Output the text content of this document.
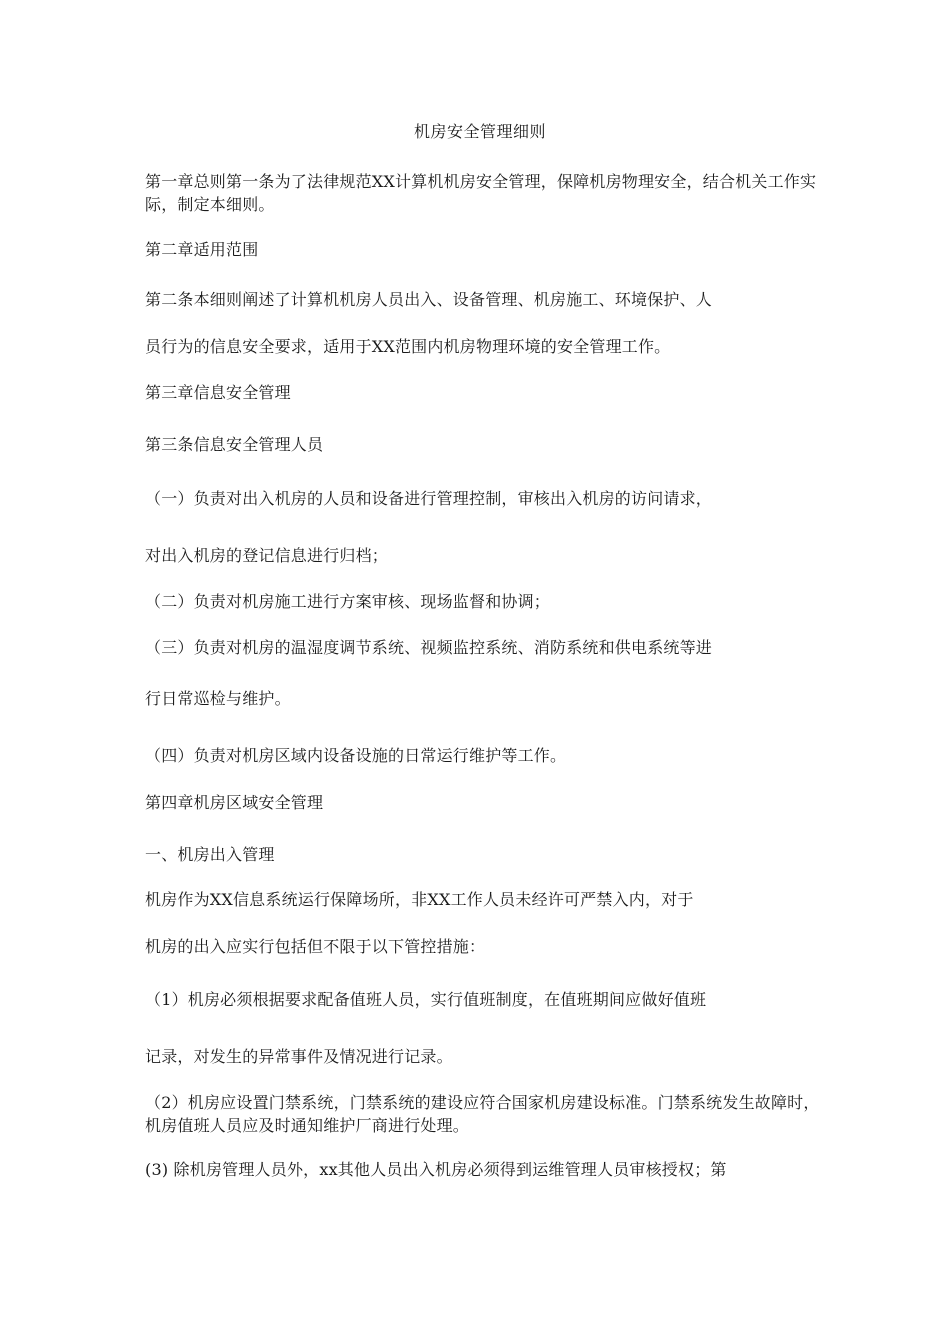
机房安全管理细则
第一章总则第一条为了法律规范XX计算机机房安全管理，保障机房物理安全，结合机关工作实际，制定本细则。
第二章适用范围
第二条本细则阐述了计算机机房人员出入、设备管理、机房施工、环境保护、人
员行为的信息安全要求，适用于XX范围内机房物理环境的安全管理工作。
第三章信息安全管理
第三条信息安全管理人员
（一）负责对出入机房的人员和设备进行管理控制，审核出入机房的访问请求，
对出入机房的登记信息进行归档；
（二）负责对机房施工进行方案审核、现场监督和协调；
（三）负责对机房的温湿度调节系统、视频监控系统、消防系统和供电系统等进
行日常巡检与维护。
（四）负责对机房区域内设备设施的日常运行维护等工作。
第四章机房区域安全管理
一、机房出入管理
机房作为XX信息系统运行保障场所，非XX工作人员未经许可严禁入内，对于
机房的出入应实行包括但不限于以下管控措施：
（1）机房必须根据要求配备值班人员，实行值班制度，在值班期间应做好值班
记录，对发生的异常事件及情况进行记录。
（2）机房应设置门禁系统，门禁系统的建设应符合国家机房建设标准。门禁系统发生故障时，机房值班人员应及时通知维护厂商进行处理。
(3) 除机房管理人员外，xx其他人员出入机房必须得到运维管理人员审核授权；第
